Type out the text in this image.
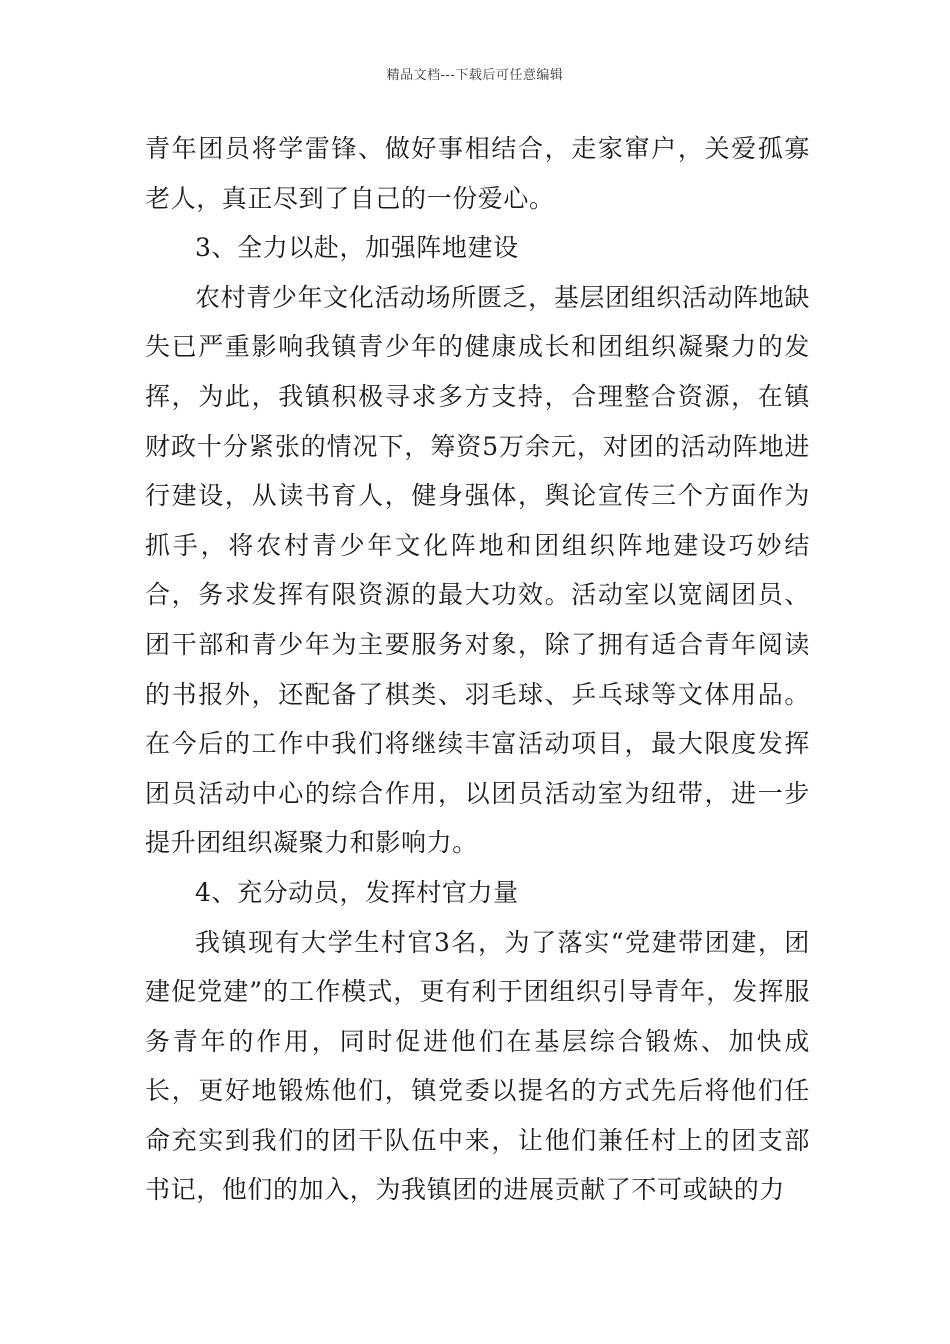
精品文档---下载后可任意编辑

青年团员将学雷锋、做好事相结合，走家窜户，关爱孤寡老人，真正尽到了自己的一份爱心。

3、全力以赴，加强阵地建设

农村青少年文化活动场所匮乏，基层团组织活动阵地缺失已严重影响我镇青少年的健康成长和团组织凝聚力的发挥，为此，我镇积极寻求多方支持，合理整合资源，在镇财政十分紧张的情况下，筹资5万余元，对团的活动阵地进行建设，从读书育人，健身强体，舆论宣传三个方面作为抓手，将农村青少年文化阵地和团组织阵地建设巧妙结合，务求发挥有限资源的最大功效。活动室以宽阔团员、团干部和青少年为主要服务对象，除了拥有适合青年阅读的书报外，还配备了棋类、羽毛球、乒乓球等文体用品。在今后的工作中我们将继续丰富活动项目，最大限度发挥团员活动中心的综合作用，以团员活动室为纽带，进一步提升团组织凝聚力和影响力。

4、充分动员，发挥村官力量

我镇现有大学生村官3名，为了落实“党建带团建，团建促党建”的工作模式，更有利于团组织引导青年，发挥服务青年的作用，同时促进他们在基层综合锻炼、加快成长，更好地锻炼他们，镇党委以提名的方式先后将他们任命充实到我们的团干队伍中来，让他们兼任村上的团支部书记，他们的加入，为我镇团的进展贡献了不可或缺的力
